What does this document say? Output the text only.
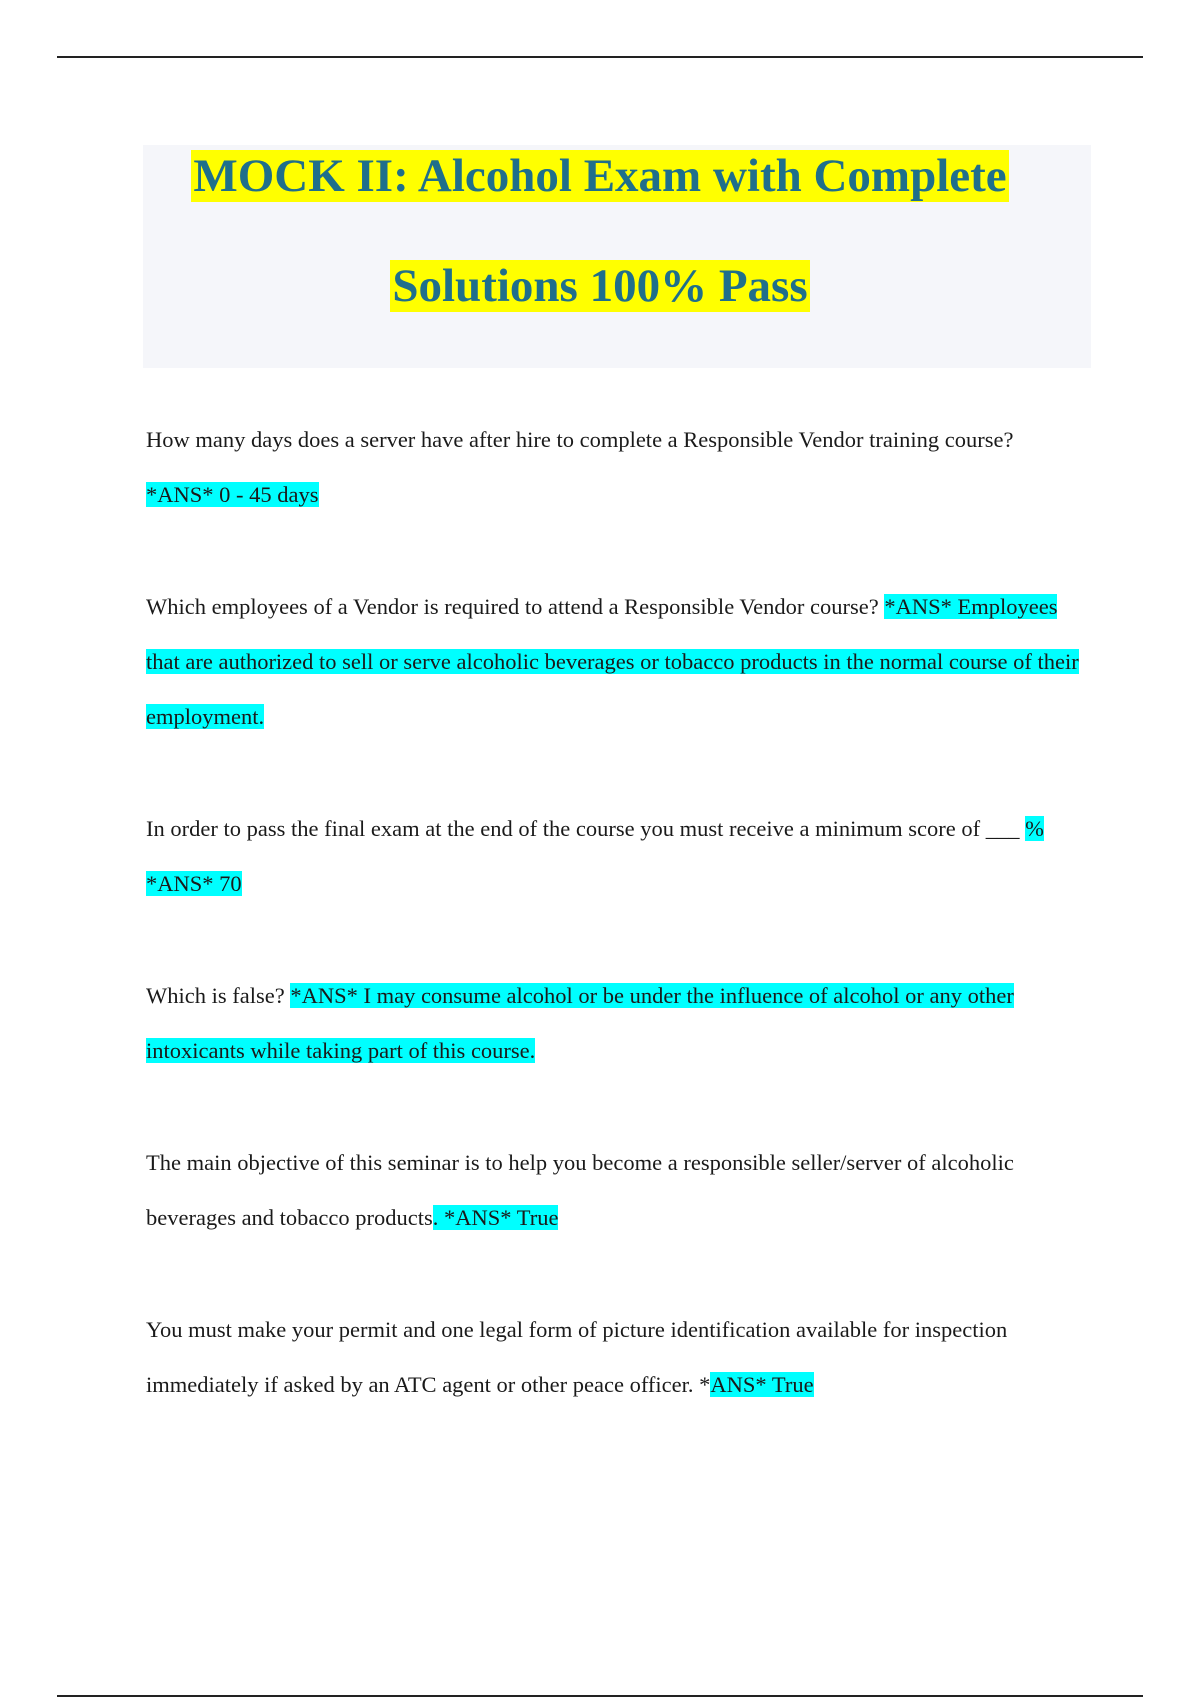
MOCK II: Alcohol Exam with Complete
Solutions 100% Pass
How many days does a server have after hire to complete a Responsible Vendor training course?
*ANS* 0 - 45 days
Which employees of a Vendor is required to attend a Responsible Vendor course? *ANS* Employees that are authorized to sell or serve alcoholic beverages or tobacco products in the normal course of their employment.
In order to pass the final exam at the end of the course you must receive a minimum score of ___ % *ANS* 70
Which is false? *ANS* I may consume alcohol or be under the influence of alcohol or any other intoxicants while taking part of this course.
The main objective of this seminar is to help you become a responsible seller/server of alcoholic beverages and tobacco products. *ANS* True
You must make your permit and one legal form of picture identification available for inspection immediately if asked by an ATC agent or other peace officer. *ANS* True
